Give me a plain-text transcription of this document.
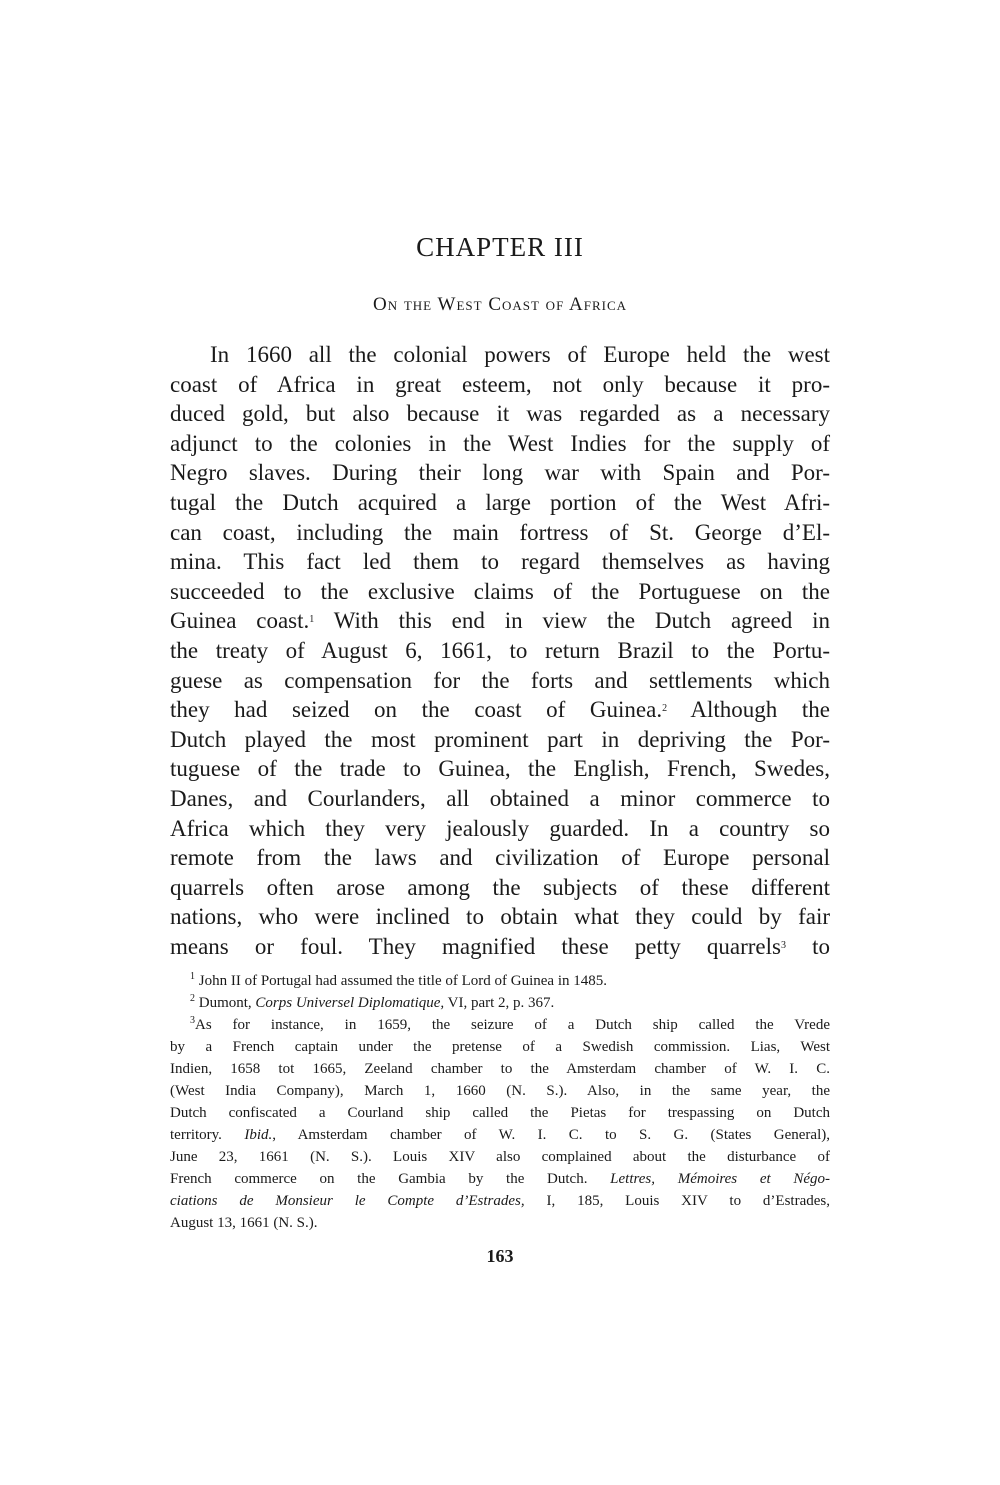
CHAPTER III
On the West Coast of Africa
In 1660 all the colonial powers of Europe held the west
coast of Africa in great esteem, not only because it pro-
duced gold, but also because it was regarded as a necessary
adjunct to the colonies in the West Indies for the supply of
Negro slaves. During their long war with Spain and Por-
tugal the Dutch acquired a large portion of the West Afri-
can coast, including the main fortress of St. George d’El-
mina. This fact led them to regard themselves as having
succeeded to the exclusive claims of the Portuguese on the
Guinea coast.$^1$ With this end in view the Dutch agreed in
the treaty of August 6, 1661, to return Brazil to the Portu-
guese as compensation for the forts and settlements which
they had seized on the coast of Guinea.$^2$ Although the
Dutch played the most prominent part in depriving the Por-
tuguese of the trade to Guinea, the English, French, Swedes,
Danes, and Courlanders, all obtained a minor commerce to
Africa which they very jealously guarded. In a country so
remote from the laws and civilization of Europe personal
quarrels often arose among the subjects of these different
nations, who were inclined to obtain what they could by fair
means or foul. They magnified these petty quarrels$^3$ to
$^1$ John II of Portugal had assumed the title of Lord of Guinea in 1485.
$^2$ Dumont, Corps Universel Diplomatique, VI, part 2, p. 367.
$^3$As for instance, in 1659, the seizure of a Dutch ship called the Vrede
by a French captain under the pretense of a Swedish commission. Lias, West
Indien, 1658 tot 1665, Zeeland chamber to the Amsterdam chamber of W. I. C.
(West India Company), March 1, 1660 (N. S.). Also, in the same year, the
Dutch confiscated a Courland ship called the Pietas for trespassing on Dutch
territory. Ibid., Amsterdam chamber of W. I. C. to S. G. (States General),
June 23, 1661 (N. S.). Louis XIV also complained about the disturbance of
French commerce on the Gambia by the Dutch. Lettres, Mémoires et Négo-
ciations de Monsieur le Compte d’Estrades, I, 185, Louis XIV to d’Estrades,
August 13, 1661 (N. S.).
163
